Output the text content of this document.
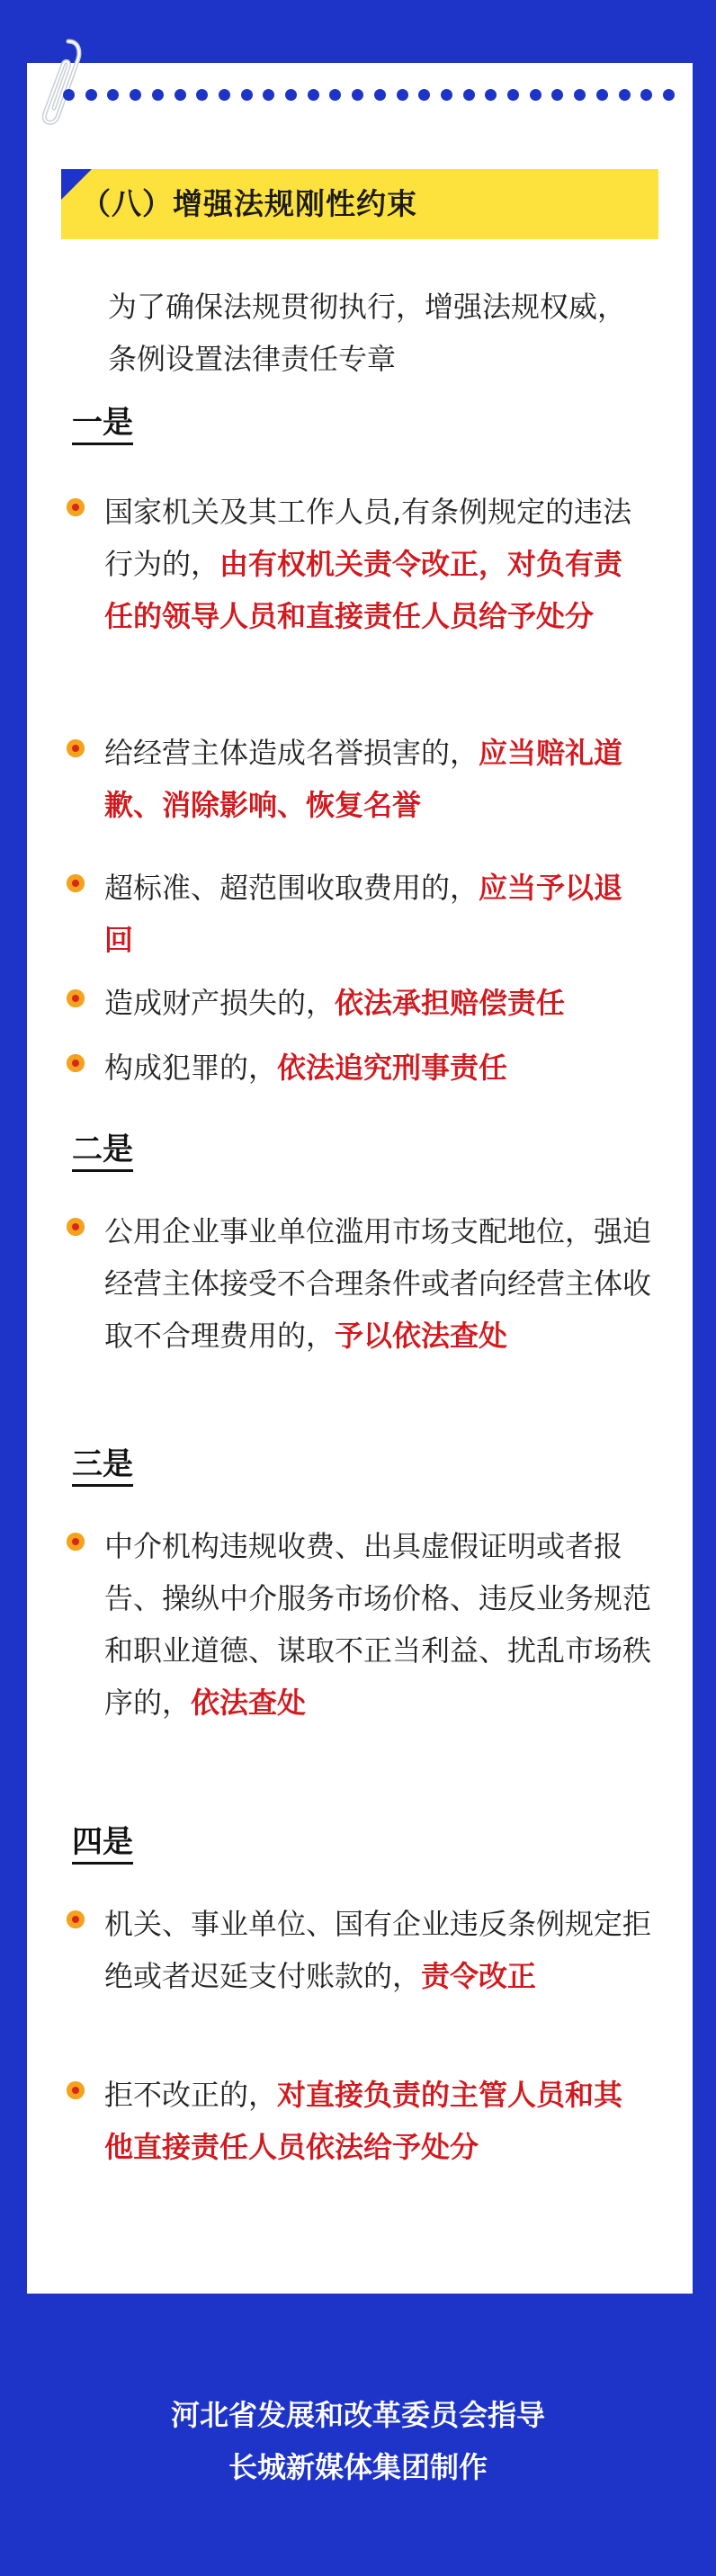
（八）增强法规刚性约束
为了确保法规贯彻执行，增强法规权威，条例设置法律责任专章
一是
国家机关及其工作人员,有条例规定的违法行为的，由有权机关责令改正，对负有责任的领导人员和直接责任人员给予处分
给经营主体造成名誉损害的，应当赔礼道歉、消除影响、恢复名誉
超标准、超范围收取费用的，应当予以退回
造成财产损失的，依法承担赔偿责任
构成犯罪的，依法追究刑事责任
二是
公用企业事业单位滥用市场支配地位，强迫经营主体接受不合理条件或者向经营主体收取不合理费用的，予以依法查处
三是
中介机构违规收费、出具虚假证明或者报告、操纵中介服务市场价格、违反业务规范和职业道德、谋取不正当利益、扰乱市场秩序的，依法查处
四是
机关、事业单位、国有企业违反条例规定拒绝或者迟延支付账款的，责令改正
拒不改正的，对直接负责的主管人员和其他直接责任人员依法给予处分
河北省发展和改革委员会指导
长城新媒体集团制作
